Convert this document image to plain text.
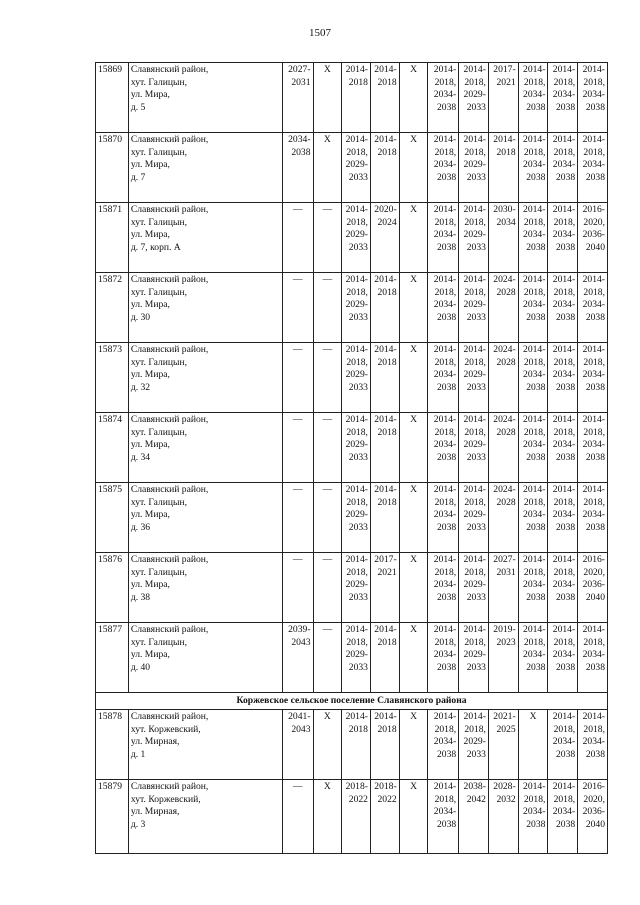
1507
15869	Славянский район,
хут. Галицын,
ул. Мира,
д. 5	2027-
2031	Х	2014-
2018	2014-
2018	Х	2014-
2018,
2034-
2038	2014-
2018,
2029-
2033	2017-
2021	2014-
2018,
2034-
2038	2014-
2018,
2034-
2038	2014-
2018,
2034-
2038
15870	Славянский район,
хут. Галицын,
ул. Мира,
д. 7	2034-
2038	Х	2014-
2018,
2029-
2033	2014-
2018	Х	2014-
2018,
2034-
2038	2014-
2018,
2029-
2033	2014-
2018	2014-
2018,
2034-
2038	2014-
2018,
2034-
2038	2014-
2018,
2034-
2038
15871	Славянский район,
хут. Галицын,
ул. Мира,
д. 7, корп. А	—	—	2014-
2018,
2029-
2033	2020-
2024	Х	2014-
2018,
2034-
2038	2014-
2018,
2029-
2033	2030-
2034	2014-
2018,
2034-
2038	2014-
2018,
2034-
2038	2016-
2020,
2036-
2040
15872	Славянский район,
хут. Галицын,
ул. Мира,
д. 30	—	—	2014-
2018,
2029-
2033	2014-
2018	Х	2014-
2018,
2034-
2038	2014-
2018,
2029-
2033	2024-
2028	2014-
2018,
2034-
2038	2014-
2018,
2034-
2038	2014-
2018,
2034-
2038
15873	Славянский район,
хут. Галицын,
ул. Мира,
д. 32	—	—	2014-
2018,
2029-
2033	2014-
2018	Х	2014-
2018,
2034-
2038	2014-
2018,
2029-
2033	2024-
2028	2014-
2018,
2034-
2038	2014-
2018,
2034-
2038	2014-
2018,
2034-
2038
15874	Славянский район,
хут. Галицын,
ул. Мира,
д. 34	—	—	2014-
2018,
2029-
2033	2014-
2018	Х	2014-
2018,
2034-
2038	2014-
2018,
2029-
2033	2024-
2028	2014-
2018,
2034-
2038	2014-
2018,
2034-
2038	2014-
2018,
2034-
2038
15875	Славянский район,
хут. Галицын,
ул. Мира,
д. 36	—	—	2014-
2018,
2029-
2033	2014-
2018	Х	2014-
2018,
2034-
2038	2014-
2018,
2029-
2033	2024-
2028	2014-
2018,
2034-
2038	2014-
2018,
2034-
2038	2014-
2018,
2034-
2038
15876	Славянский район,
хут. Галицын,
ул. Мира,
д. 38	—	—	2014-
2018,
2029-
2033	2017-
2021	Х	2014-
2018,
2034-
2038	2014-
2018,
2029-
2033	2027-
2031	2014-
2018,
2034-
2038	2014-
2018,
2034-
2038	2016-
2020,
2036-
2040
15877	Славянский район,
хут. Галицын,
ул. Мира,
д. 40	2039-
2043	—	2014-
2018,
2029-
2033	2014-
2018	Х	2014-
2018,
2034-
2038	2014-
2018,
2029-
2033	2019-
2023	2014-
2018,
2034-
2038	2014-
2018,
2034-
2038	2014-
2018,
2034-
2038
Коржевское сельское поселение Славянского района												
15878	Славянский район,
хут. Коржевский,
ул. Мирная,
д. 1	2041-
2043	Х	2014-
2018	2014-
2018	Х	2014-
2018,
2034-
2038	2014-
2018,
2029-
2033	2021-
2025	Х	2014-
2018,
2034-
2038	2014-
2018,
2034-
2038
15879	Славянский район,
хут. Коржевский,
ул. Мирная,
д. 3	—	Х	2018-
2022	2018-
2022	Х	2014-
2018,
2034-
2038	2038-
2042	2028-
2032	2014-
2018,
2034-
2038	2014-
2018,
2034-
2038	2016-
2020,
2036-
2040
